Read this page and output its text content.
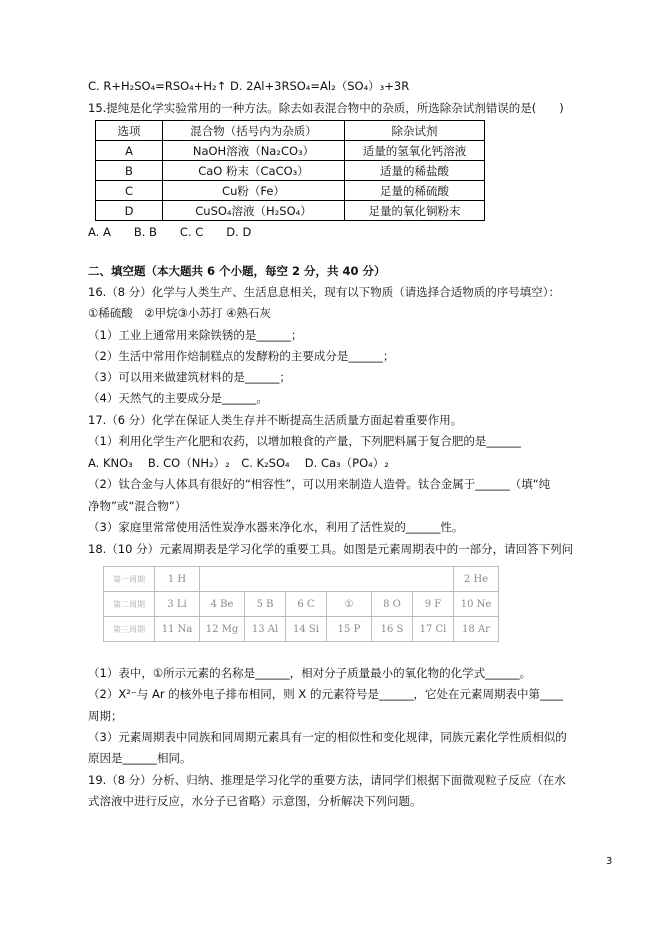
C. R+H₂SO₄=RSO₄+H₂↑ D. 2Al+3RSO₄=Al₂（SO₄）₃+3R
15.提纯是化学实验常用的一种方法。除去如表混合物中的杂质，所选除杂试剂错误的是(　　)
选项	混合物（括号内为杂质）	除杂试剂
A	NaOH溶液（Na₂CO₃）	适量的氢氧化钙溶液
B	CaO 粉末（CaCO₃）	适量的稀盐酸
C	Cu粉（Fe）	足量的稀硫酸
D	CuSO₄溶液（H₂SO₄）	足量的氧化铜粉末
A. A　　B. B　　C. C　　D. D
二、填空题（本大题共 6 个小题，每空 2 分，共 40 分）
16.（8 分）化学与人类生产、生活息息相关，现有以下物质（请选择合适物质的序号填空）：
①稀硫酸　②甲烷③小苏打 ④熟石灰
（1）工业上通常用来除铁锈的是______；
（2）生活中常用作焙制糕点的发酵粉的主要成分是______；
（3）可以用来做建筑材料的是______；
（4）天然气的主要成分是______。
17.（6 分）化学在保证人类生存并不断提高生活质量方面起着重要作用。
（1）利用化学生产化肥和农药，以增加粮食的产量，下列肥料属于复合肥的是______
A. KNO₃　 B. CO（NH₂）₂　C. K₂SO₄　 D. Ca₃（PO₄）₂
（2）钛合金与人体具有很好的“相容性”，可以用来制造人造骨。钛合金属于______（填“纯
净物”或“混合物”）
（3）家庭里常常使用活性炭净水器来净化水，利用了活性炭的______性。
18.（10 分）元素周期表是学习化学的重要工具。如图是元素周期表中的一部分，请回答下列问
第一周期	1 H							2 He
第二周期	3 Li	4 Be	5 B	6 C	①	8 O	9 F	10 Ne
第三周期	11 Na	12 Mg	13 Al	14 Si	15 P	16 S	17 Cl	18 Ar
（1）表中，①所示元素的名称是______，相对分子质量最小的氧化物的化学式______。
（2）X²⁻与 Ar 的核外电子排布相同，则 X 的元素符号是______，它处在元素周期表中第____
周期；
（3）元素周期表中同族和同周期元素具有一定的相似性和变化规律，同族元素化学性质相似的
原因是______相同。
19.（8 分）分析、归纳、推理是学习化学的重要方法，请同学们根据下面微观粒子反应（在水
式溶液中进行反应，水分子已省略）示意图，分析解决下列问题。
3
